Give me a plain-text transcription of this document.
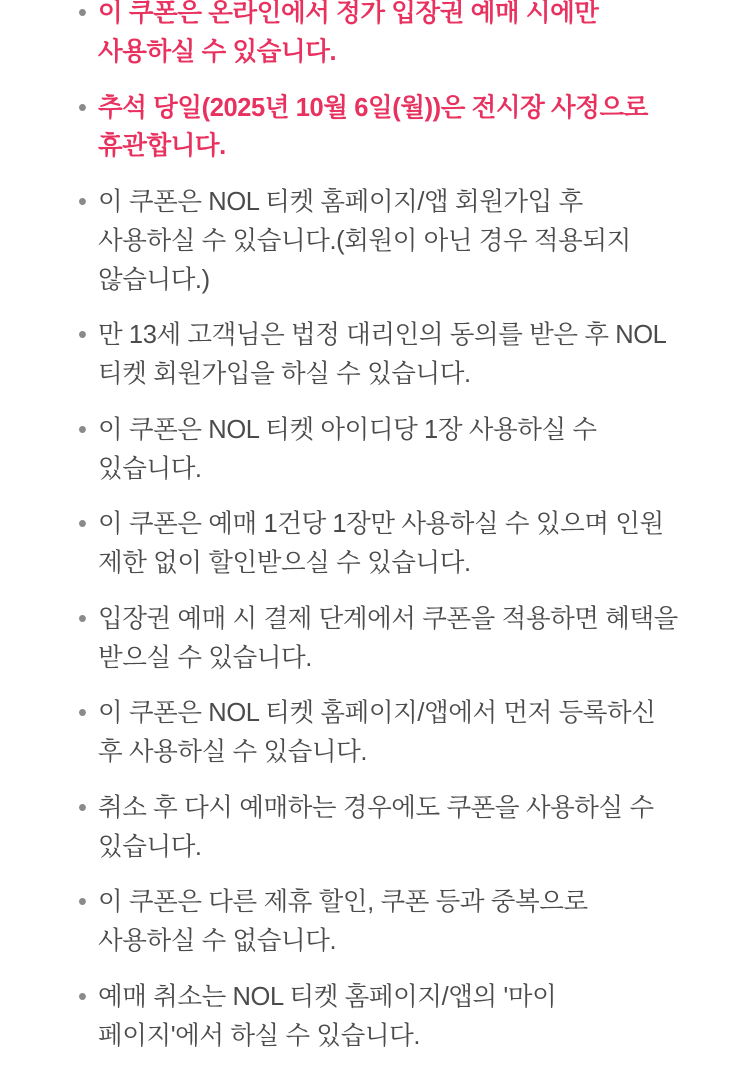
• 이 쿠폰은 온라인에서 정가 입장권 예매 시에만 사용하실 수 있습니다.
• 추석 당일(2025년 10월 6일(월))은 전시장 사정으로 휴관합니다.
• 이 쿠폰은 NOL 티켓 홈페이지/앱 회원가입 후 사용하실 수 있습니다.(회원이 아닌 경우 적용되지 않습니다.)
• 만 13세 고객님은 법정 대리인의 동의를 받은 후 NOL 티켓 회원가입을 하실 수 있습니다.
• 이 쿠폰은 NOL 티켓 아이디당 1장 사용하실 수 있습니다.
• 이 쿠폰은 예매 1건당 1장만 사용하실 수 있으며 인원 제한 없이 할인받으실 수 있습니다.
• 입장권 예매 시 결제 단계에서 쿠폰을 적용하면 혜택을 받으실 수 있습니다.
• 이 쿠폰은 NOL 티켓 홈페이지/앱에서 먼저 등록하신 후 사용하실 수 있습니다.
• 취소 후 다시 예매하는 경우에도 쿠폰을 사용하실 수 있습니다.
• 이 쿠폰은 다른 제휴 할인, 쿠폰 등과 중복으로 사용하실 수 없습니다.
• 예매 취소는 NOL 티켓 홈페이지/앱의 '마이 페이지'에서 하실 수 있습니다.
